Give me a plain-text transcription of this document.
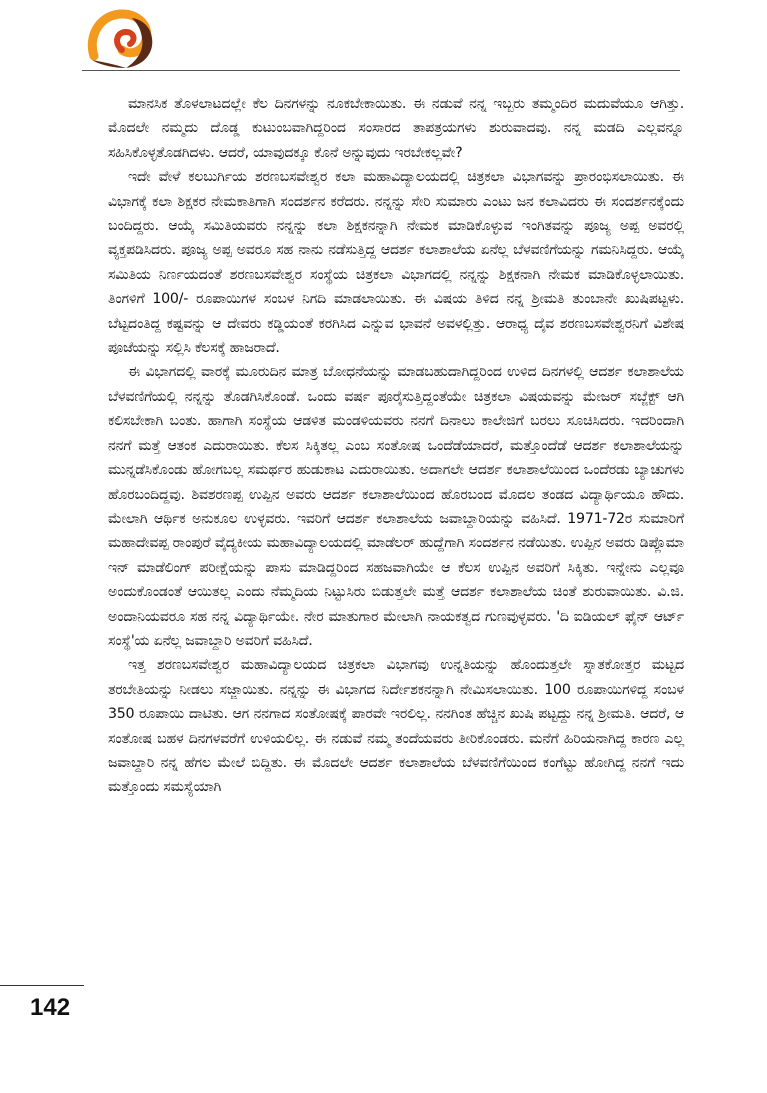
ಮಾನಸಿಕ ತೊಳಲಾಟದಲ್ಲೇ ಕೆಲ ದಿನಗಳನ್ನು ನೂಕಬೇಕಾಯಿತು. ಈ ನಡುವೆ ನನ್ನ ಇಬ್ಬರು ತಮ್ಮಂದಿರ ಮದುವೆಯೂ ಆಗಿತ್ತು. ಮೊದಲೇ ನಮ್ಮದು ದೊಡ್ಡ ಕುಟುಂಬವಾಗಿದ್ದರಿಂದ ಸಂಸಾರದ ತಾಪತ್ರಯಗಳು ಶುರುವಾದವು. ನನ್ನ ಮಡದಿ ಎಲ್ಲವನ್ನೂ ಸಹಿಸಿಕೊಳ್ಳತೊಡಗಿದಳು. ಆದರೆ, ಯಾವುದಕ್ಕೂ ಕೊನೆ ಅನ್ನುವುದು ಇರಬೇಕಲ್ಲವೇ?

ಇದೇ ವೇಳೆ ಕಲಬುರ್ಗಿಯ ಶರಣಬಸವೇಶ್ವರ ಕಲಾ ಮಹಾವಿದ್ಯಾಲಯದಲ್ಲಿ ಚಿತ್ರಕಲಾ ವಿಭಾಗವನ್ನು ಪ್ರಾರಂಭಿಸಲಾಯಿತು. ಈ ವಿಭಾಗಕ್ಕೆ ಕಲಾ ಶಿಕ್ಷಕರ ನೇಮಕಾತಿಗಾಗಿ ಸಂದರ್ಶನ ಕರೆದರು. ನನ್ನನ್ನು ಸೇರಿ ಸುಮಾರು ಎಂಟು ಜನ ಕಲಾವಿದರು ಈ ಸಂದರ್ಶನಕ್ಕೆಂದು ಬಂದಿದ್ದರು. ಆಯ್ಕೆ ಸಮಿತಿಯವರು ನನ್ನನ್ನು ಕಲಾ ಶಿಕ್ಷಕನನ್ನಾಗಿ ನೇಮಕ ಮಾಡಿಕೊಳ್ಳುವ ಇಂಗಿತವನ್ನು ಪೂಜ್ಯ ಅಪ್ಪ ಅವರಲ್ಲಿ ವ್ಯಕ್ತಪಡಿಸಿದರು. ಪೂಜ್ಯ ಅಪ್ಪ ಅವರೂ ಸಹ ನಾನು ನಡೆಸುತ್ತಿದ್ದ ಆದರ್ಶ ಕಲಾಶಾಲೆಯ ಏನೆಲ್ಲ ಬೆಳವಣಿಗೆಯನ್ನು ಗಮನಿಸಿದ್ದರು. ಆಯ್ಕೆ ಸಮಿತಿಯ ನಿರ್ಣಯದಂತೆ ಶರಣಬಸವೇಶ್ವರ ಸಂಸ್ಥೆಯ ಚಿತ್ರಕಲಾ ವಿಭಾಗದಲ್ಲಿ ನನ್ನನ್ನು ಶಿಕ್ಷಕನಾಗಿ ನೇಮಕ ಮಾಡಿಕೊಳ್ಳಲಾಯಿತು. ತಿಂಗಳಿಗೆ 100/- ರೂಪಾಯಿಗಳ ಸಂಬಳ ನಿಗದಿ ಮಾಡಲಾಯಿತು. ಈ ವಿಷಯ ತಿಳಿದ ನನ್ನ ಶ್ರೀಮತಿ ತುಂಬಾನೇ ಖುಷಿಪಟ್ಟಳು. ಬೆಟ್ಟದಂತಿದ್ದ ಕಷ್ಟವನ್ನು ಆ ದೇವರು ಕಡ್ಡಿಯಂತೆ ಕರಗಿಸಿದ ಎನ್ನುವ ಭಾವನೆ ಅವಳಲ್ಲಿತ್ತು. ಆರಾಧ್ಯ ದೈವ ಶರಣಬಸವೇಶ್ವರನಿಗೆ ವಿಶೇಷ ಪೂಜೆಯನ್ನು ಸಲ್ಲಿಸಿ ಕೆಲಸಕ್ಕೆ ಹಾಜರಾದೆ.

ಈ ವಿಭಾಗದಲ್ಲಿ ವಾರಕ್ಕೆ ಮೂರುದಿನ ಮಾತ್ರ ಬೋಧನೆಯನ್ನು ಮಾಡಬಹುದಾಗಿದ್ದರಿಂದ ಉಳಿದ ದಿನಗಳಲ್ಲಿ ಆದರ್ಶ ಕಲಾಶಾಲೆಯ ಬೆಳವಣಿಗೆಯಲ್ಲಿ ನನ್ನನ್ನು ತೊಡಗಿಸಿಕೊಂಡೆ. ಒಂದು ವರ್ಷ ಪೂರೈಸುತ್ತಿದ್ದಂತೆಯೇ ಚಿತ್ರಕಲಾ ವಿಷಯವನ್ನು ಮೇಜರ್ ಸಬ್ಜೆಕ್ಟ್ ಆಗಿ ಕಲಿಸಬೇಕಾಗಿ ಬಂತು. ಹಾಗಾಗಿ ಸಂಸ್ಥೆಯ ಆಡಳಿತ ಮಂಡಳಿಯವರು ನನಗೆ ದಿನಾಲು ಕಾಲೇಜಿಗೆ ಬರಲು ಸೂಚಿಸಿದರು. ಇದರಿಂದಾಗಿ ನನಗೆ ಮತ್ತೆ ಆತಂಕ ಎದುರಾಯಿತು. ಕೆಲಸ ಸಿಕ್ಕಿತಲ್ಲ ಎಂಬ ಸಂತೋಷ ಒಂದೆಡೆಯಾದರೆ, ಮತ್ತೊಂದೆಡೆ ಆದರ್ಶ ಕಲಾಶಾಲೆಯನ್ನು ಮುನ್ನಡೆಸಿಕೊಂಡು ಹೋಗಬಲ್ಲ ಸಮರ್ಥರ ಹುಡುಕಾಟ ಎದುರಾಯಿತು. ಅದಾಗಲೇ ಆದರ್ಶ ಕಲಾಶಾಲೆಯಿಂದ ಒಂದೆರಡು ಬ್ಯಾಚುಗಳು ಹೊರಬಂದಿದ್ದವು. ಶಿವಶರಣಪ್ಪ ಉಪ್ಪಿನ ಅವರು ಆದರ್ಶ ಕಲಾಶಾಲೆಯಿಂದ ಹೊರಬಂದ ಮೊದಲ ತಂಡದ ವಿದ್ಯಾರ್ಥಿಯೂ ಹೌದು. ಮೇಲಾಗಿ ಆರ್ಥಿಕ ಅನುಕೂಲ ಉಳ್ಳವರು. ಇವರಿಗೆ ಆದರ್ಶ ಕಲಾಶಾಲೆಯ ಜವಾಬ್ದಾರಿಯನ್ನು ವಹಿಸಿದೆ. 1971-72ರ ಸುಮಾರಿಗೆ ಮಹಾದೇವಪ್ಪ ರಾಂಪುರೆ ವೈದ್ಯಕೀಯ ಮಹಾವಿದ್ಯಾಲಯದಲ್ಲಿ ಮಾಡೆಲರ್ ಹುದ್ದೆಗಾಗಿ ಸಂದರ್ಶನ ನಡೆಯಿತು. ಉಪ್ಪಿನ ಅವರು ಡಿಪ್ಲೊಮಾ ಇನ್ ಮಾಡೆಲಿಂಗ್ ಪರೀಕ್ಷೆಯನ್ನು ಪಾಸು ಮಾಡಿದ್ದರಿಂದ ಸಹಜವಾಗಿಯೇ ಆ ಕೆಲಸ ಉಪ್ಪಿನ ಅವರಿಗೆ ಸಿಕ್ಕಿತು. ಇನ್ನೇನು ಎಲ್ಲವೂ ಅಂದುಕೊಂಡಂತೆ ಆಯಿತಲ್ಲ ಎಂದು ನೆಮ್ಮದಿಯ ನಿಟ್ಟುಸಿರು ಬಿಡುತ್ತಲೇ ಮತ್ತೆ ಆದರ್ಶ ಕಲಾಶಾಲೆಯ ಚಿಂತೆ ಶುರುವಾಯಿತು. ವಿ.ಜಿ. ಅಂದಾನಿಯವರೂ ಸಹ ನನ್ನ ವಿದ್ಯಾರ್ಥಿಯೇ. ನೇರ ಮಾತುಗಾರ ಮೇಲಾಗಿ ನಾಯಕತ್ವದ ಗುಣವುಳ್ಳವರು. 'ದಿ ಐಡಿಯಲ್ ಫೈನ್ ಆರ್ಟ್ ಸಂಸ್ಥೆ'ಯ ಏನೆಲ್ಲ ಜವಾಬ್ದಾರಿ ಅವರಿಗೆ ವಹಿಸಿದೆ.

ಇತ್ತ ಶರಣಬಸವೇಶ್ವರ ಮಹಾವಿದ್ಯಾಲಯದ ಚಿತ್ರಕಲಾ ವಿಭಾಗವು ಉನ್ನತಿಯನ್ನು ಹೊಂದುತ್ತಲೇ ಸ್ನಾತಕೋತ್ತರ ಮಟ್ಟದ ತರಬೇತಿಯನ್ನು ನೀಡಲು ಸಜ್ಜಾಯಿತು. ನನ್ನನ್ನು ಈ ವಿಭಾಗದ ನಿರ್ದೇಶಕನನ್ನಾಗಿ ನೇಮಿಸಲಾಯಿತು. 100 ರೂಪಾಯಿಗಳಿದ್ದ ಸಂಬಳ 350 ರೂಪಾಯಿ ದಾಟಿತು. ಆಗ ನನಗಾದ ಸಂತೋಷಕ್ಕೆ ಪಾರವೇ ಇರಲಿಲ್ಲ. ನನಗಿಂತ ಹೆಚ್ಚಿನ ಖುಷಿ ಪಟ್ಟದ್ದು ನನ್ನ ಶ್ರೀಮತಿ. ಆದರೆ, ಆ ಸಂತೋಷ ಬಹಳ ದಿನಗಳವರೆಗೆ ಉಳಿಯಲಿಲ್ಲ. ಈ ನಡುವೆ ನಮ್ಮ ತಂದೆಯವರು ತೀರಿಕೊಂಡರು. ಮನೆಗೆ ಹಿರಿಯನಾಗಿದ್ದ ಕಾರಣ ಎಲ್ಲ ಜವಾಬ್ದಾರಿ ನನ್ನ ಹೆಗಲ ಮೇಲೆ ಬಿದ್ದಿತು. ಈ ಮೊದಲೇ ಆದರ್ಶ ಕಲಾಶಾಲೆಯ ಬೆಳವಣಿಗೆಯಿಂದ ಕಂಗೆಟ್ಟು ಹೋಗಿದ್ದ ನನಗೆ ಇದು ಮತ್ತೊಂದು ಸಮಸ್ಯೆಯಾಗಿ

142
